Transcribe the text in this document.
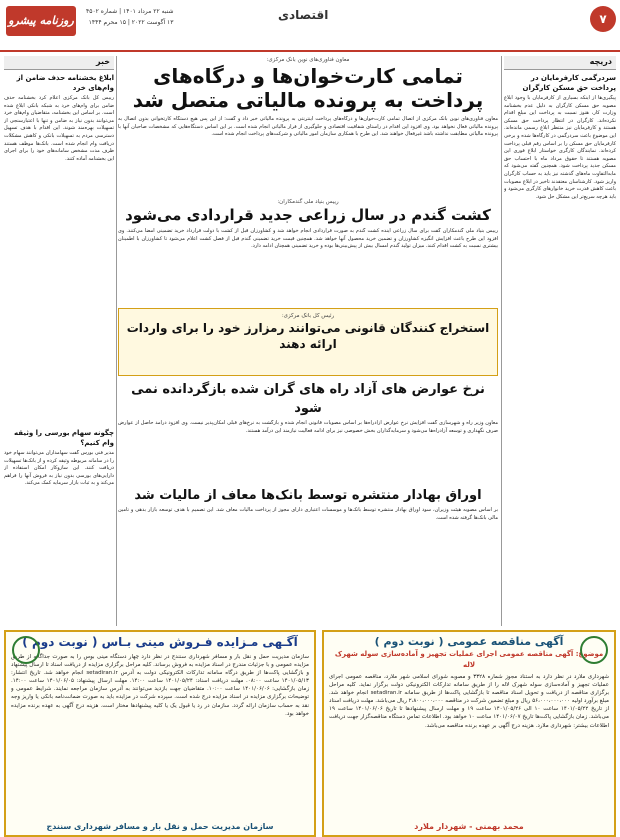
۷
اقتصادی
روزنامه پیشرو
شنبه ۲۲ مرداد ۱۴۰۱ | شماره ۴۵۰۲
۱۳ آگوست ۲۰۲۲ | ۱۵ محرم ۱۴۴۴
دریچه
سردرگمی کارفرمایان در پرداخت حق مسکن کارگران
پیگیری‌ها از اینکه بسیاری از کارفرمایان با وجود ابلاغ مصوبه حق مسکن کارگران به دلیل عدم بخشنامه وزارت کار، هنوز نسبت به پرداخت این مبلغ اقدام نکرده‌اند. کارگران در انتظار پرداخت حق مسکن هستند و کارفرمایان نیز منتظر ابلاغ رسمی مانده‌اند. این موضوع باعث سردرگمی در کارگاه‌ها شده و برخی کارفرمایان حق مسکن را بر اساس رقم قبلی پرداخت کرده‌اند. نمایندگان کارگری خواستار ابلاغ فوری این مصوبه هستند تا حقوق مرداد ماه با احتساب حق مسکن جدید پرداخت شود. همچنین گفته می‌شود که مابه‌التفاوت ماه‌های گذشته نیز باید به حساب کارگران واریز شود. کارشناسان معتقدند تاخیر در ابلاغ مصوبات باعث کاهش قدرت خرید خانوارهای کارگری می‌شود و باید هرچه سریع‌تر این مشکل حل شود.
معاون فناوری‌های نوین بانک مرکزی:
تمامی کارت‌خوان‌ها و درگاه‌های پرداخت به پرونده مالیاتی متصل شد
معاون فناوری‌های نوین بانک مرکزی از اتصال تمامی کارت‌خوان‌ها و درگاه‌های پرداخت اینترنتی به پرونده مالیاتی خبر داد و گفت: از این پس هیچ دستگاه کارتخوانی بدون اتصال به پرونده مالیاتی فعال نخواهد بود. وی افزود این اقدام در راستای شفافیت اقتصادی و جلوگیری از فرار مالیاتی انجام شده است. بر این اساس دستگاه‌هایی که مشخصات صاحبان آنها با پرونده مالیاتی مطابقت نداشته باشد غیرفعال خواهند شد. این طرح با همکاری سازمان امور مالیاتی و شرکت‌های پرداخت انجام شده است.
رییس بنیاد ملی گندمکاران:
کشت گندم در سال زراعی جدید قراردادی می‌شود
رییس بنیاد ملی گندمکاران گفت برای سال زراعی آینده کشت گندم به صورت قراردادی انجام خواهد شد و کشاورزان قبل از کشت با دولت قرارداد خرید تضمینی امضا می‌کنند. وی افزود این طرح باعث افزایش انگیزه کشاورزان و تضمین خرید محصول آنها خواهد شد. همچنین قیمت خرید تضمینی گندم قبل از فصل کشت اعلام می‌شود تا کشاورزان با اطمینان بیشتری نسبت به کشت اقدام کنند. میزان تولید گندم امسال بیش از پیش‌بینی‌ها بوده و خرید تضمینی همچنان ادامه دارد.
رئیس کل بانک مرکزی:
استخراج کنندگان قانونی می‌توانند رمزارز خود را برای واردات ارائه دهند
نرخ عوارض های آزاد راه های گران شده بازگردانده نمی شود
معاون وزیر راه و شهرسازی گفت افزایش نرخ عوارض آزادراه‌ها بر اساس مصوبات قانونی انجام شده و بازگشت به نرخ‌های قبلی امکان‌پذیر نیست. وی افزود درآمد حاصل از عوارض صرف نگهداری و توسعه آزادراه‌ها می‌شود و سرمایه‌گذاران بخش خصوصی نیز برای ادامه فعالیت نیازمند این درآمد هستند.
اوراق بهادار منتشره توسط بانک‌ها معاف از مالیات شد
بر اساس مصوبه هیئت وزیران، سود اوراق بهادار منتشره توسط بانک‌ها و موسسات اعتباری دارای مجوز از پرداخت مالیات معاف شد. این تصمیم با هدف توسعه بازار بدهی و تامین مالی بانک‌ها گرفته شده است.
خبر
ابلاغ بخشنامه حذف ضامن از وام‌های خرد
رییس کل بانک مرکزی اعلام کرد بخشنامه حذف ضامن برای وام‌های خرد به شبکه بانکی ابلاغ شده است. بر اساس این بخشنامه، متقاضیان وام‌های خرد می‌توانند بدون نیاز به ضامن و تنها با اعتبارسنجی از تسهیلات بهره‌مند شوند. این اقدام با هدف تسهیل دسترسی مردم به تسهیلات بانکی و کاهش مشکلات دریافت وام انجام شده است. بانک‌ها موظف هستند ظرف مدت مشخص سامانه‌های خود را برای اجرای این بخشنامه آماده کنند.
چگونه سهام بورسی را وثیقه وام کنیم؟
مدیر فنی بورس گفت سهامداران می‌توانند سهام خود را در سامانه مربوطه وثیقه کرده و از بانک‌ها تسهیلات دریافت کنند. این سازوکار امکان استفاده از دارایی‌های بورسی بدون نیاز به فروش آنها را فراهم می‌کند و به ثبات بازار سرمایه کمک می‌کند.
آگهی مناقصه عمومی ( نوبت دوم )
موضوع: آگهی مناقصه عمومی اجرای عملیات تجهیز و آماده‌سازی سوله شهرک لاله
شهرداری ملارد در نظر دارد به استناد مجوز شماره ۳۳۲۸ و مصوبه شورای اسلامی شهر ملارد، مناقصه عمومی اجرای عملیات تجهیز و آماده‌سازی سوله شهرک لاله را از طریق سامانه تدارکات الکترونیکی دولت برگزار نماید. کلیه مراحل برگزاری مناقصه از دریافت و تحویل اسناد مناقصه تا بازگشایی پاکت‌ها از طریق سامانه setadiran.ir انجام خواهد شد. مبلغ برآورد اولیه ۵۶،۰۰۰،۰۰۰،۰۰۰ ریال و مبلغ تضمین شرکت در مناقصه ۲،۸۰۰،۰۰۰،۰۰۰ ریال می‌باشد. مهلت دریافت اسناد از تاریخ ۱۴۰۱/۰۵/۲۲ ساعت ۱۰ الی ۱۴۰۱/۰۵/۲۶ ساعت ۱۹ و مهلت ارسال پیشنهادها تا تاریخ ۱۴۰۱/۰۶/۰۶ ساعت ۱۹ می‌باشد. زمان بازگشایی پاکت‌ها تاریخ ۱۴۰۱/۰۶/۰۷ ساعت ۱۰ خواهد بود. اطلاعات تماس دستگاه مناقصه‌گزار جهت دریافت اطلاعات بیشتر: شهرداری ملارد. هزینه درج آگهی بر عهده برنده مناقصه می‌باشد.
محمد بهمنی - شهردار ملارد
آگـهی مـزایده فـروش مینی بـاس ( نوبت دوم )
سازمان مدیریت حمل و نقل بار و مسافر شهرداری سنندج در نظر دارد چهار دستگاه مینی بوس را به صورت جداگانه از طریق مزایده عمومی و با جزئیات مندرج در اسناد مزایده به فروش برساند. کلیه مراحل برگزاری مزایده از دریافت اسناد تا ارسال پیشنهاد و بازگشایی پاکت‌ها از طریق درگاه سامانه تدارکات الکترونیکی دولت به آدرس setadiran.ir انجام خواهد شد. تاریخ انتشار: ۱۴۰۱/۰۵/۱۳ ساعت ۰۸:۰۰. مهلت دریافت اسناد: ۱۴۰۱/۰۵/۲۴ ساعت ۱۴:۰۰. مهلت ارسال پیشنهاد: ۱۴۰۱/۰۶/۰۵ ساعت ۱۴:۰۰. زمان بازگشایی: ۱۴۰۱/۰۶/۰۶ ساعت ۱۰:۰۰. متقاضیان جهت بازدید می‌توانند به آدرس سازمان مراجعه نمایند. شرایط عمومی و توضیحات برگزاری مزایده در اسناد مزایده درج شده است. سپرده شرکت در مزایده باید به صورت ضمانت‌نامه بانکی یا واریز وجه نقد به حساب سازمان ارائه گردد. سازمان در رد یا قبول یک یا کلیه پیشنهادها مختار است. هزینه درج آگهی به عهده برنده مزایده خواهد بود.
سازمان مدیریت حمل و نقل بار و مسافر شهرداری سنندج
